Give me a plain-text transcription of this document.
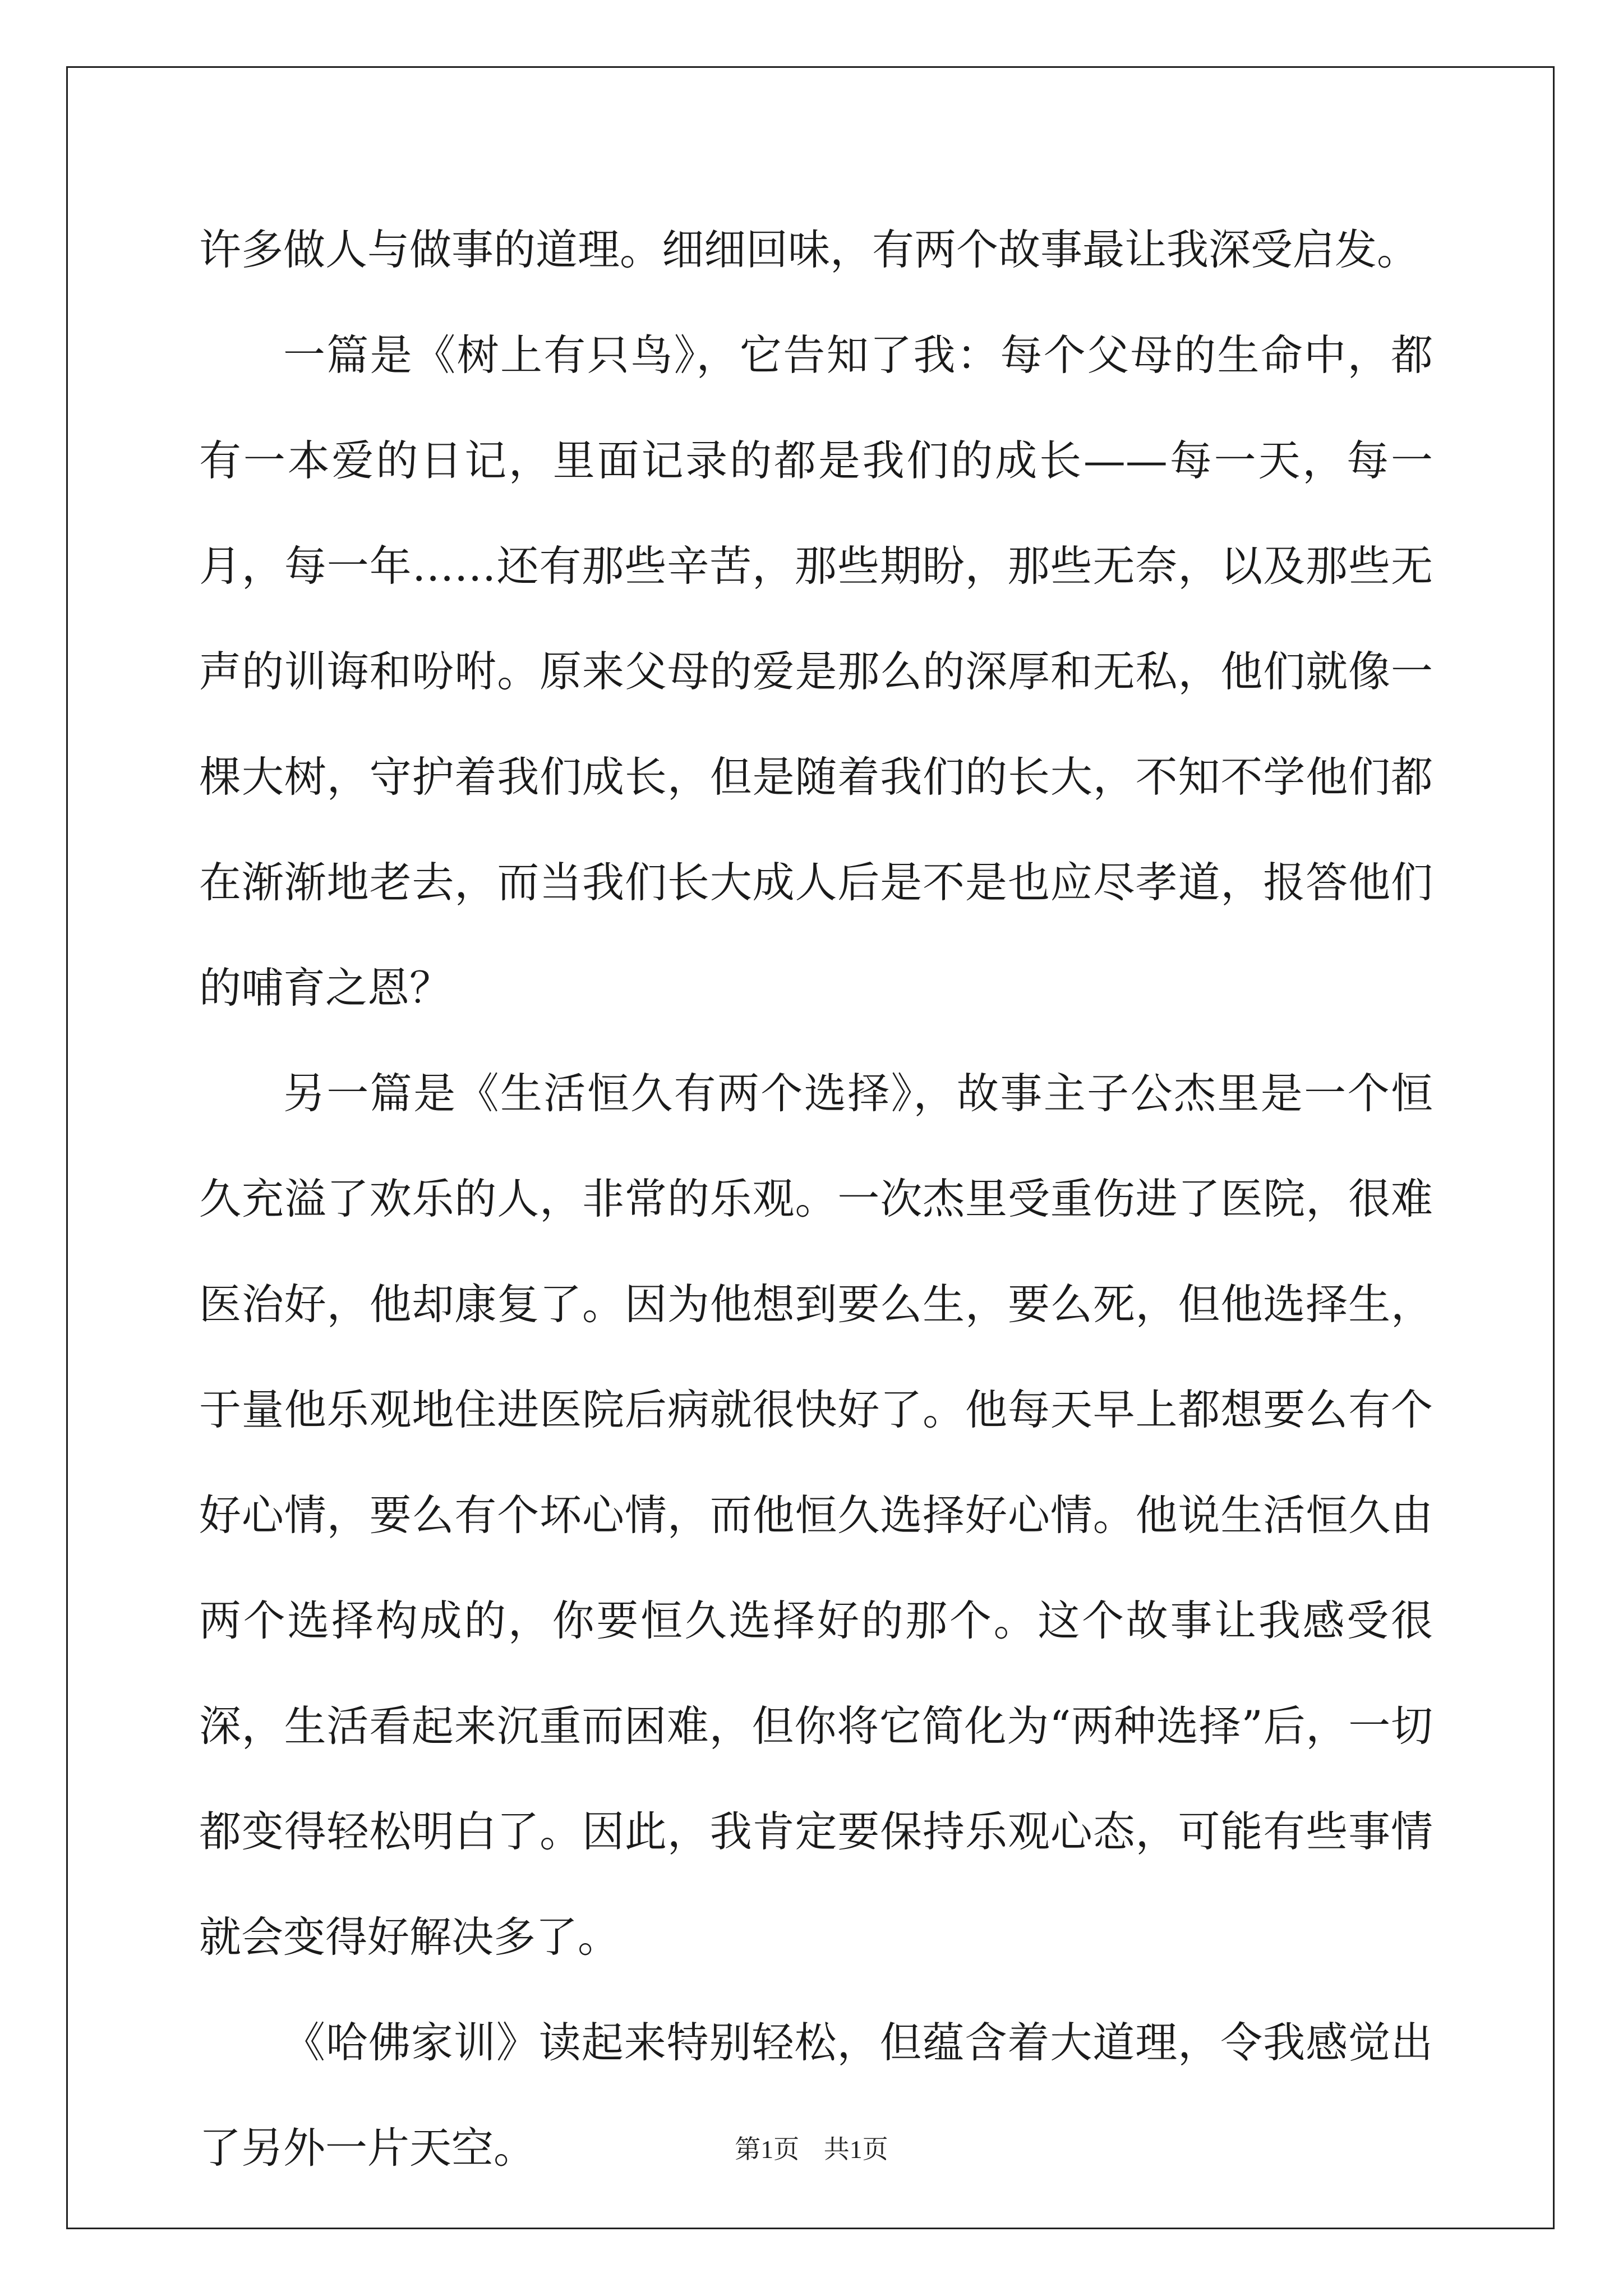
许多做人与做事的道理。细细回味，有两个故事最让我深受启发。

一篇是《树上有只鸟》，它告知了我：每个父母的生命中，都有一本爱的日记，里面记录的都是我们的成长——每一天，每一月，每一年……还有那些辛苦，那些期盼，那些无奈，以及那些无声的训诲和吩咐。原来父母的爱是那么的深厚和无私，他们就像一棵大树，守护着我们成长，但是随着我们的长大，不知不学他们都在渐渐地老去，而当我们长大成人后是不是也应尽孝道，报答他们的哺育之恩？

另一篇是《生活恒久有两个选择》，故事主子公杰里是一个恒久充溢了欢乐的人，非常的乐观。一次杰里受重伤进了医院，很难医治好，他却康复了。因为他想到要么生，要么死，但他选择生，于量他乐观地住进医院后病就很快好了。他每天早上都想要么有个好心情，要么有个坏心情，而他恒久选择好心情。他说生活恒久由两个选择构成的，你要恒久选择好的那个。这个故事让我感受很深，生活看起来沉重而困难，但你将它简化为“两种选择”后，一切都变得轻松明白了。因此，我肯定要保持乐观心态，可能有些事情就会变得好解决多了。

《哈佛家训》读起来特别轻松，但蕴含着大道理，令我感觉出了另外一片天空。	第1页 共1页
